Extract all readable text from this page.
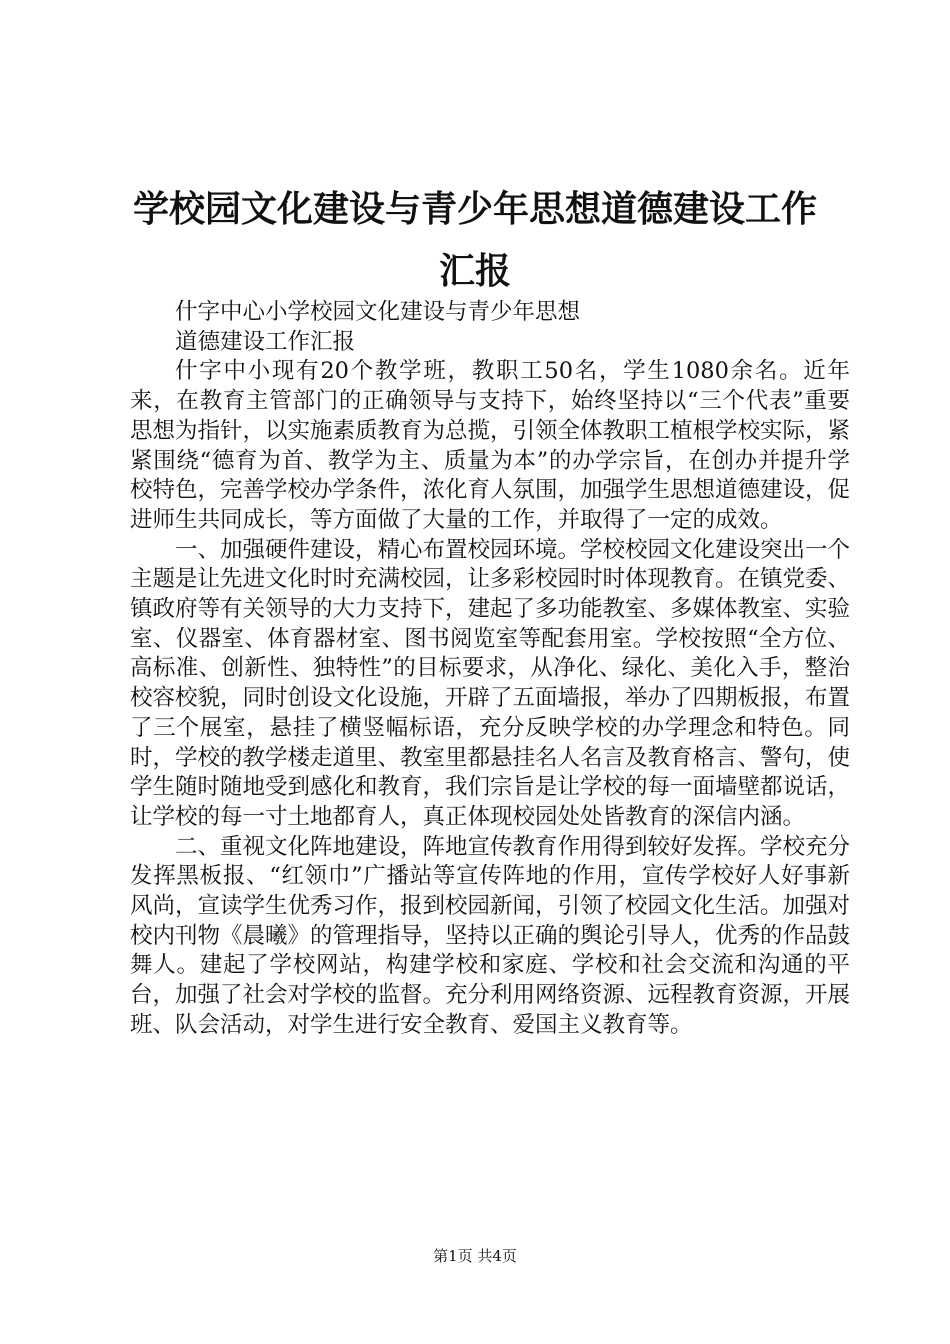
学校园文化建设与青少年思想道德建设工作汇报

什字中心小学校园文化建设与青少年思想

道德建设工作汇报

什字中小现有20个教学班，教职工50名，学生1080余名。近年来，在教育主管部门的正确领导与支持下，始终坚持以“三个代表”重要思想为指针，以实施素质教育为总揽，引领全体教职工植根学校实际，紧紧围绕“德育为首、教学为主、质量为本”的办学宗旨，在创办并提升学校特色，完善学校办学条件，浓化育人氛围，加强学生思想道德建设，促进师生共同成长，等方面做了大量的工作，并取得了一定的成效。

一、加强硬件建设，精心布置校园环境。学校校园文化建设突出一个主题是让先进文化时时充满校园，让多彩校园时时体现教育。在镇党委、镇政府等有关领导的大力支持下，建起了多功能教室、多媒体教室、实验室、仪器室、体育器材室、图书阅览室等配套用室。学校按照“全方位、高标准、创新性、独特性”的目标要求，从净化、绿化、美化入手，整治校容校貌，同时创设文化设施，开辟了五面墙报，举办了四期板报，布置了三个展室，悬挂了横竖幅标语，充分反映学校的办学理念和特色。同时，学校的教学楼走道里、教室里都悬挂名人名言及教育格言、警句，使学生随时随地受到感化和教育，我们宗旨是让学校的每一面墙壁都说话，让学校的每一寸土地都育人，真正体现校园处处皆教育的深信内涵。

二、重视文化阵地建设，阵地宣传教育作用得到较好发挥。学校充分发挥黑板报、“红领巾”广播站等宣传阵地的作用，宣传学校好人好事新风尚，宣读学生优秀习作，报到校园新闻，引领了校园文化生活。加强对校内刊物《晨曦》的管理指导，坚持以正确的舆论引导人，优秀的作品鼓舞人。建起了学校网站，构建学校和家庭、学校和社会交流和沟通的平台，加强了社会对学校的监督。充分利用网络资源、远程教育资源，开展班、队会活动，对学生进行安全教育、爱国主义教育等。

第1页 共4页
